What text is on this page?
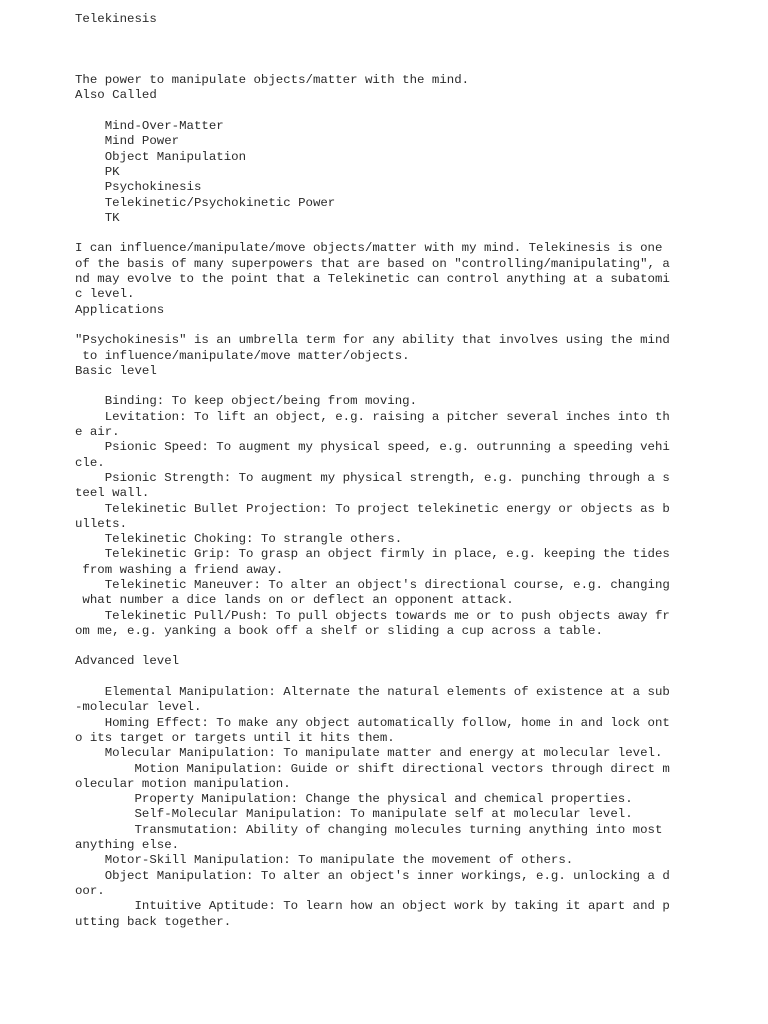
Telekinesis
The power to manipulate objects/matter with the mind.
Also Called
Mind-Over-Matter
Mind Power
Object Manipulation
PK
Psychokinesis
Telekinetic/Psychokinetic Power
TK
I can influence/manipulate/move objects/matter with my mind. Telekinesis is one
of the basis of many superpowers that are based on "controlling/manipulating", a
nd may evolve to the point that a Telekinetic can control anything at a subatomi
c level.
Applications
"Psychokinesis" is an umbrella term for any ability that involves using the mind
to influence/manipulate/move matter/objects.
Basic level
Binding: To keep object/being from moving.
Levitation: To lift an object, e.g. raising a pitcher several inches into th
e air.
Psionic Speed: To augment my physical speed, e.g. outrunning a speeding vehi
cle.
Psionic Strength: To augment my physical strength, e.g. punching through a s
teel wall.
Telekinetic Bullet Projection: To project telekinetic energy or objects as b
ullets.
Telekinetic Choking: To strangle others.
Telekinetic Grip: To grasp an object firmly in place, e.g. keeping the tides
from washing a friend away.
Telekinetic Maneuver: To alter an object's directional course, e.g. changing
what number a dice lands on or deflect an opponent attack.
Telekinetic Pull/Push: To pull objects towards me or to push objects away fr
om me, e.g. yanking a book off a shelf or sliding a cup across a table.
Advanced level
Elemental Manipulation: Alternate the natural elements of existence at a sub
-molecular level.
Homing Effect: To make any object automatically follow, home in and lock ont
o its target or targets until it hits them.
Molecular Manipulation: To manipulate matter and energy at molecular level.
Motion Manipulation: Guide or shift directional vectors through direct m
olecular motion manipulation.
Property Manipulation: Change the physical and chemical properties.
Self-Molecular Manipulation: To manipulate self at molecular level.
Transmutation: Ability of changing molecules turning anything into most
anything else.
Motor-Skill Manipulation: To manipulate the movement of others.
Object Manipulation: To alter an object's inner workings, e.g. unlocking a d
oor.
Intuitive Aptitude: To learn how an object work by taking it apart and p
utting back together.
